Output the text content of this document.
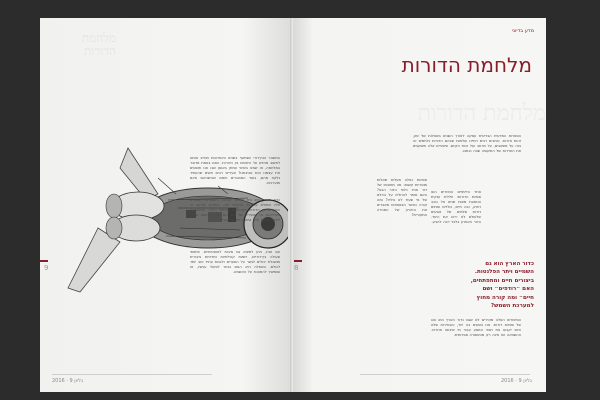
מלחמת הדורות
המשבר הבין־דורי שנחשף בשנים האחרונות מחייב אותנו לחשוב מחדש על היחסים בין הדורות. האם באמת מדובר במלחמה, או שמא בשינוי עמוק באופן שבו אנו תופסים את עצמנו ואת סביבתנו? צעירים רבים חשים שהעתיד נלקח מהם, בעוד המבוגרים חשים שהישגיהם אינם מוערכים.
כדור הארץ הוא בית משותף לכולנו, והאחריות לשמירה עליו מוטלת על כל הדורות יחד. המחקר מראה כי הפערים בין הדורות מתרחבים בתחומי הדיור, התעסוקה והבריאות, וכי הצעירים של היום הם הדור הראשון שצפוי לחיות ברמת חיים נמוכה מזו של הוריו.
עם זאת, ניתן למצוא גם סיבות לאופטימיות. שיתופי פעולה בין־דוריים, יוזמות קהילתיות ומדיניות ציבורית מושכלת יכולים לגשר על הפערים ולבנות עתיד טוב יותר לכולם. השאלה היא האם נבחר לפעול עכשיו, או שנמשיך להתווכח על האשמה.
9
2016 · גליון 9
מדע בדיוני
מלחמת הדורות
מלחמת הדורות
הספרות המדעית הבדיונית עסקה לאורך השנים בשאלות של זמן, זהות ודורות. כותבים רבים דמיינו עולמות שבהם הדורות נלחמים זה בזה על משאבים, על מרחב ועל זכות הקיום. סיפורים אלה משקפים את החרדות של התקופה שבה נכתבו.
אחד הדימויים החוזרים הוא ספינת הדורות: חללית ענקית הנוסעת מאות שנים אל כוכב רחוק, ובה חיים, נולדים ומתים דורות שלמים של נוסעים שלעולם לא יראו את היעד. הדור האחרון בלבד יזכה להגיע.
ספינות כאלה מעלות שאלות מוסריות קשות: מה מחובתו של דור אחד כלפי הדור הבא? האם מותר להחליט על גורלם של מי שעוד לא נולדו? ומה קורה כאשר הצאצאים מאבדים את הזיכרון של המטרה המקורית?
הסיפורים האלה מזכירים לנו שגם כדור הארץ הוא סוג של ספינת דורות. אנו נוסעים בה יחד, והבחירות שלנו היום יקבעו את תנאי המסע עבור מי שיבואו אחרינו. ההשוואה הזו אינה רק מטאפורה ספרותית.
כדור הארץ הוא גם השמיים ויתר הפלנטות. ביצורים חיים ומתפתחים, האם ״רודפים״ ושם חיים״ ומה קורה מחוץ למערכת השמש?
גליון 9 · 2016
8
